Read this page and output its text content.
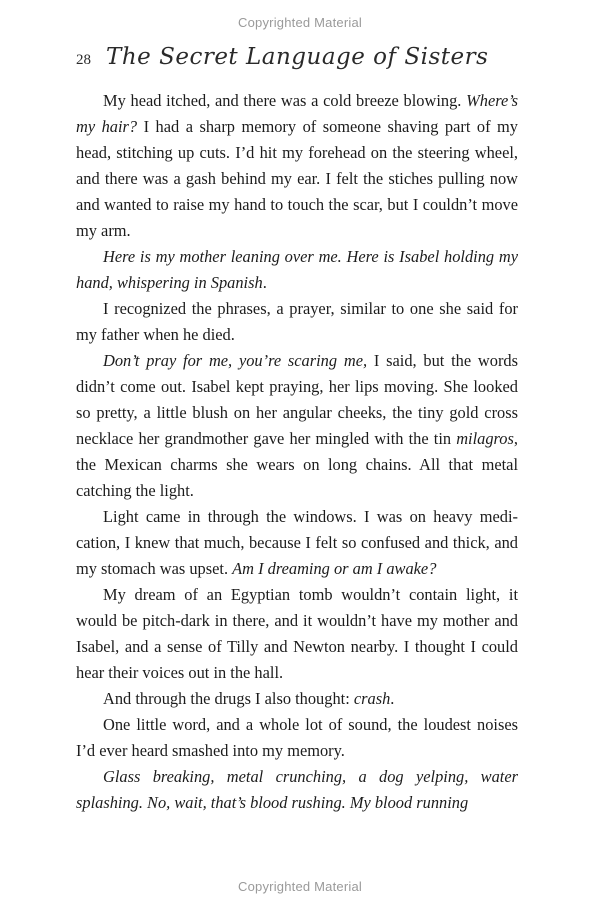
Copyrighted Material
28 The Secret Language of Sisters

My head itched, and there was a cold breeze blowing. Where’s my hair? I had a sharp memory of someone shaving part of my head, stitching up cuts. I’d hit my forehead on the steering wheel, and there was a gash behind my ear. I felt the stiches pulling now and wanted to raise my hand to touch the scar, but I couldn’t move my arm.

Here is my mother leaning over me. Here is Isabel holding my hand, whispering in Spanish.

I recognized the phrases, a prayer, similar to one she said for my father when he died.

Don’t pray for me, you’re scaring me, I said, but the words didn’t come out. Isabel kept praying, her lips moving. She looked so pretty, a little blush on her angular cheeks, the tiny gold cross necklace her grandmother gave her mingled with the tin milagros, the Mexican charms she wears on long chains. All that metal catching the light.

Light came in through the windows. I was on heavy medication, I knew that much, because I felt so confused and thick, and my stomach was upset. Am I dreaming or am I awake?

My dream of an Egyptian tomb wouldn’t contain light, it would be pitch-dark in there, and it wouldn’t have my mother and Isabel, and a sense of Tilly and Newton nearby. I thought I could hear their voices out in the hall.

And through the drugs I also thought: crash.

One little word, and a whole lot of sound, the loudest noises I’d ever heard smashed into my memory.

Glass breaking, metal crunching, a dog yelping, water splashing. No, wait, that’s blood rushing. My blood running

Copyrighted Material
